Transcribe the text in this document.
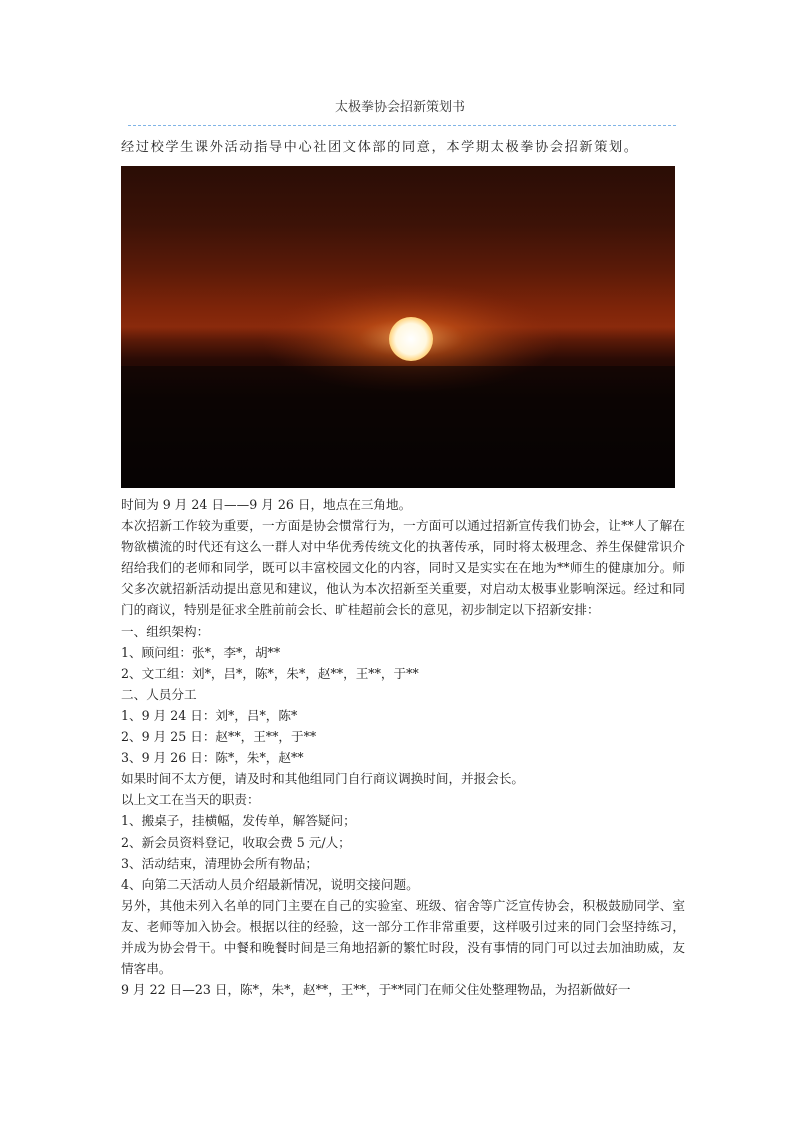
太极拳协会招新策划书
经过校学生课外活动指导中心社团文体部的同意，本学期太极拳协会招新策划。

时间为 9 月 24 日——9 月 26 日，地点在三角地。

本次招新工作较为重要，一方面是协会惯常行为，一方面可以通过招新宣传我们协会，让**人了解在物欲横流的时代还有这么一群人对中华优秀传统文化的执著传承，同时将太极理念、养生保健常识介绍给我们的老师和同学，既可以丰富校园文化的内容，同时又是实实在在地为**师生的健康加分。师父多次就招新活动提出意见和建议，他认为本次招新至关重要，对启动太极事业影响深远。经过和同门的商议，特别是征求全胜前前会长、旷桂超前会长的意见，初步制定以下招新安排：

一、组织架构：

1、顾问组：张*，李*，胡**

2、文工组：刘*，吕*，陈*，朱*，赵**，王**，于**

二、人员分工

1、9 月 24 日：刘*，吕*，陈*

2、9 月 25 日：赵**，王**，于**

3、9 月 26 日：陈*，朱*，赵**

如果时间不太方便，请及时和其他组同门自行商议调换时间，并报会长。

以上文工在当天的职责：

1、搬桌子，挂横幅，发传单，解答疑问；

2、新会员资料登记，收取会费 5 元/人；

3、活动结束，清理协会所有物品；

4、向第二天活动人员介绍最新情况，说明交接问题。

另外，其他未列入名单的同门主要在自己的实验室、班级、宿舍等广泛宣传协会，积极鼓励同学、室友、老师等加入协会。根据以往的经验，这一部分工作非常重要，这样吸引过来的同门会坚持练习，并成为协会骨干。中餐和晚餐时间是三角地招新的繁忙时段，没有事情的同门可以过去加油助威，友情客串。

9 月 22 日—23 日，陈*，朱*，赵**，王**，于**同门在师父住处整理物品，为招新做好一
